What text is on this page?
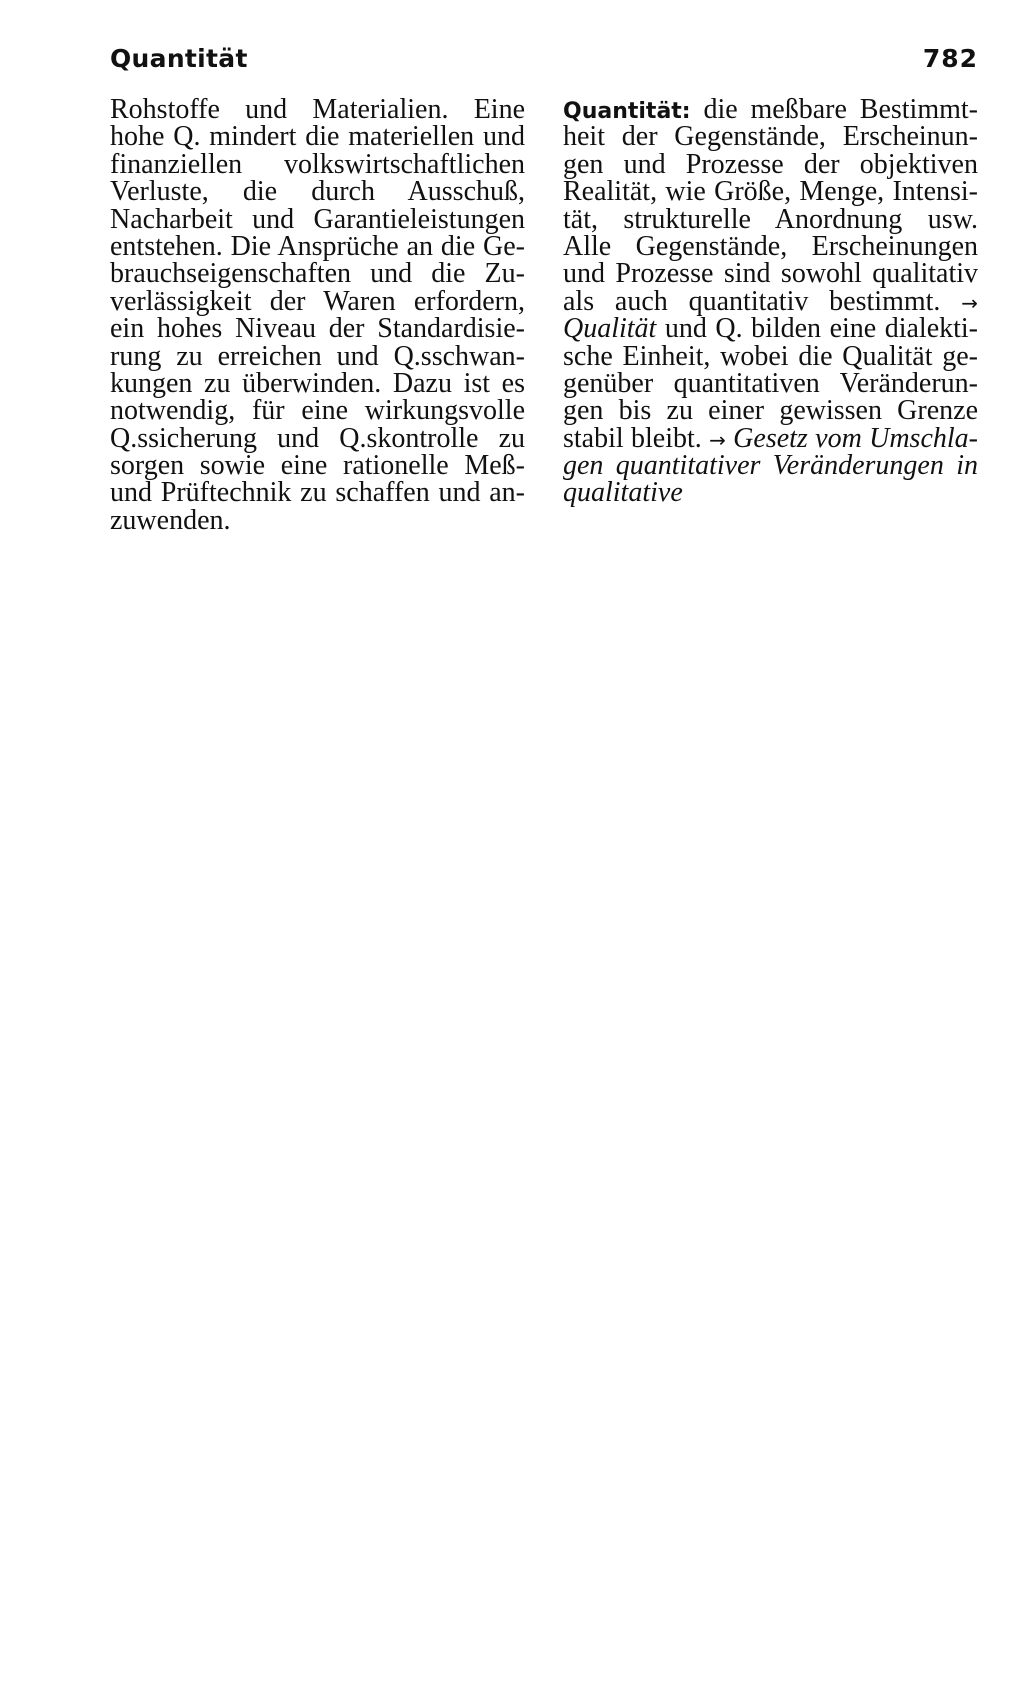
Quantität	782
Rohstoffe und Materialien. Eine
hohe Q. mindert die materiellen und
finanziellen volkswirtschaftlichen
Verluste, die durch Ausschuß,
Nacharbeit und Garantieleistungen
entstehen. Die Ansprüche an die Ge-
brauchseigenschaften und die Zu-
verlässigkeit der Waren erfordern,
ein hohes Niveau der Standardisie-
rung zu erreichen und Q.sschwan-
kungen zu überwinden. Dazu ist es
notwendig, für eine wirkungsvolle
Q.ssicherung und Q.skontrolle zu
sorgen sowie eine rationelle Meß-
und Prüftechnik zu schaffen und an-
zuwenden.
Quantität: die meßbare Bestimmt-
heit der Gegenstände, Erscheinun-
gen und Prozesse der objektiven
Realität, wie Größe, Menge, Intensi-
tät, strukturelle Anordnung usw.
Alle Gegenstände, Erscheinungen
und Prozesse sind sowohl qualitativ
als auch quantitativ bestimmt. →
Qualität und Q. bilden eine dialekti-
sche Einheit, wobei die Qualität ge-
genüber quantitativen Veränderun-
gen bis zu einer gewissen Grenze
stabil bleibt. → Gesetz vom Umschla-
gen quantitativer Veränderungen in
qualitative
